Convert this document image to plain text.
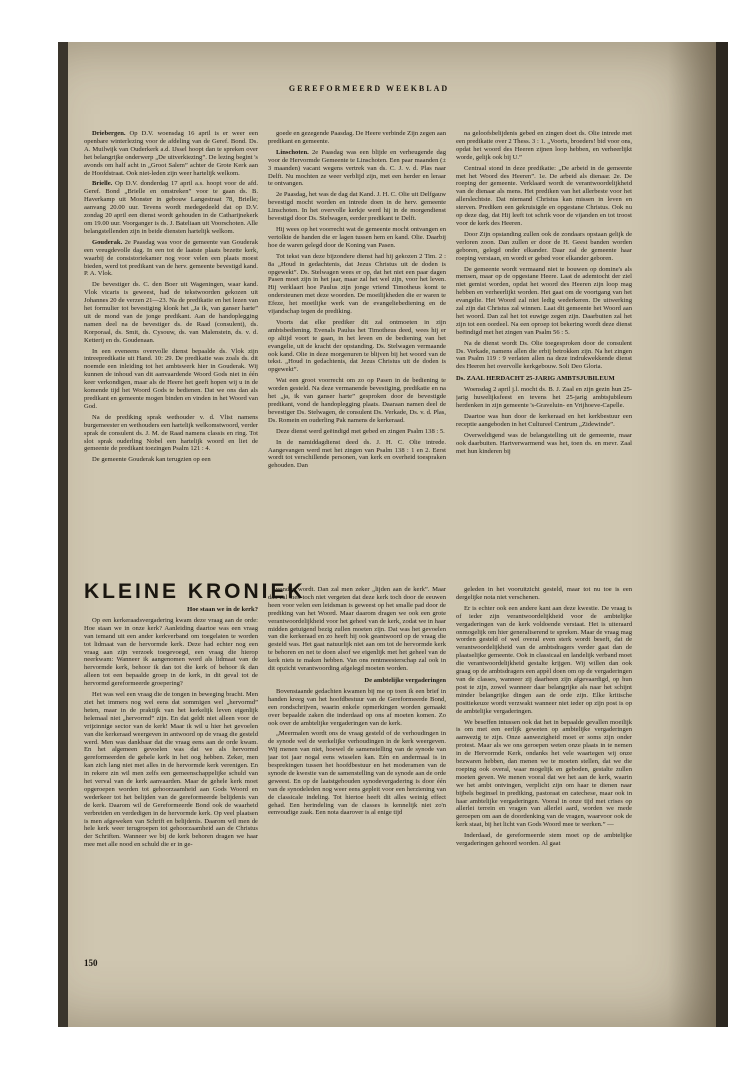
GEREFORMEERD WEEKBLAD

Driebergen. Op D.V. woensdag 16 april is er weer een openbare winterlezing voor de afdeling van de Geref. Bond. Ds. A. Muilwijk van Ouderkerk a.d. IJssel hoopt dan te spreken over het belangrijke onderwerp „De uitverkiezing”. De lezing begint 's avonds om half acht in „Groot Salem” achter de Grote Kerk aan de Hoofdstraat. Ook niet-leden zijn weer hartelijk welkom.

Brielle. Op D.V. donderdag 17 april a.s. hoopt voor de afd. Geref. Bond „Brielle en omstreken” voor te gaan ds. B. Haverkamp uit Monster in gebouw Langestraat 78, Brielle; aanvang 20.00 uur. Tevens wordt medegedeeld dat op D.V. zondag 20 april een dienst wordt gehouden in de Catharijnekerk om 19.00 uur. Voorganger is ds. J. Bateliaan uit Voorschoten. Alle belangstellenden zijn in beide diensten hartelijk welkom.

Gouderak. 2e Paasdag was voor de gemeente van Gouderak een vreugdevolle dag. In een tot de laatste plaats bezette kerk, waarbij de consistoriekamer nog voor velen een plaats moest bieden, werd tot predikant van de herv. gemeente bevestigd kand. P. A. Vlok.

De bevestiger ds. C. den Boer uit Wageningen, waar kand. Vlok vicaris is geweest, had de tekstwoorden gekozen uit Johannes 20 de verzen 21—23. Na de predikatie en het lezen van het formulier tot bevestiging klonk het „Ja ik, van ganser harte” uit de mond van de jonge predikant. Aan de handoplegging namen deel na de bevestiger ds. de Raad (consulent), ds. Korporaal, ds. Smit, ds. Cysouw, ds. van Malenstein, ds. v. d. Ketterij en ds. Goudenaan.

In een eveneens overvolle dienst bepaalde ds. Vlok zijn intreepredikatie uit Hand. 10: 29. De predikatie was zoals ds. dit noemde een inleiding tot het ambtswerk hier in Gouderak. Wij kunnen de inhoud van dit aanvaardende Woord Gods niet in één keer verkondigen, maar als de Heere het geeft hopen wij u in de komende tijd het Woord Gods te bedienen. Dat we ons dan als predikant en gemeente mogen binden en vinden in het Woord van God.

Na de prediking sprak wethouder v. d. Vlist namens burgemeester en wethouders een hartelijk welkomstwoord, verder sprak de consulent ds. J. M. de Raad namens classis en ring. Tot slot sprak ouderling Nobel een hartelijk woord en liet de gemeente de predikant toezingen Psalm 121 : 4.

De gemeente Gouderak kan terugzien op een

goede en gezegende Paasdag. De Heere verbinde Zijn zegen aan predikant en gemeente.

Linschoten. 2e Paasdag was een blijde en verheugende dag voor de Hervormde Gemeente te Linschoten. Een paar maanden (± 3 maanden) vacant wegens vertrek van ds. C. J. v. d. Plas naar Delft. Nu mochten ze weer verblijd zijn, met een herder en leraar te ontvangen.

2e Paasdag, het was de dag dat Kand. J. H. C. Olie uit Delfgauw bevestigd mocht worden en intrede doen in de herv. gemeente Linschoten. In het overvolle kerkje werd hij in de morgendienst bevestigd door Ds. Stelwagen, eerder predikant te Delft.

Hij wees op het voorrecht wat de gemeente mocht ontvangen en vertolkte de handen die er lagen tussen hem en kand. Olie. Daarbij hoe de waren gelegd door de Koning van Pasen.

Tot tekst van deze bijzondere dienst had hij gekozen 2 Tim. 2 : 8a „Houd in gedachtenis, dat Jezus Christus uit de doden is opgewekt”. Ds. Stelwagen wees er op, dat het niet een paar dagen Pasen moet zijn in het jaar, maar zal het wel zijn, voor het leven. Hij verklaart hoe Paulus zijn jonge vriend Timotheus komt te ondersteunen met deze woorden. De moeilijkheden die er waren te Efeze, het moeilijke werk van de evangeliebediening en de vijandschap tegen de prediking.

Voorts dat elke prediker dit zal ontmoeten in zijn ambtsbediening. Evenals Paulus het Timotheus deed, wees hij er op altijd voort te gaan, in het leven en de bediening van het evangelie, uit de kracht der opstanding. Ds. Stelwagen vermaande ook kand. Olie in deze morgenuren te blijven bij het woord van de tekst. „Houd in gedachtenis, dat Jezus Christus uit de doden is opgewekt”.

Wat een groot voorrecht om zo op Pasen in de bediening te worden gesteld. Na deze vermanende bevestiging, predikatie en na het „ja, ik van ganser harte” gesproken door de bevestigde predikant, vond de handoplegging plaats. Daaraan namen deel de bevestiger Ds. Stelwagen, de consulent Ds. Verkade, Ds. v. d. Plas, Ds. Romein en ouderling Pak namens de kerkeraad.

Deze dienst werd geëindigd met gebed en zingen Psalm 138 : 5.

In de namiddagdienst deed ds. J. H. C. Olie intrede. Aangevangen werd met het zingen van Psalm 138 : 1 en 2. Eerst wordt tot verschillende personen, van kerk en overheid toespraken gehouden. Dan

na geloofsbelijdenis gebed en zingen doet ds. Olie intrede met een predikatie over 2 Thess. 3 : 1. „Voorts, broeders! bid voor ons, opdat het woord des Heeren zijnen loop hebben, en verheerlijkt worde, gelijk ook bij U.”

Centraal stond in deze predikatie: „De arbeid in de gemeente met het Woord des Heeren”. 1e. De arbeid als dienaar. 2e. De roeping der gemeente. Verklaard wordt de verantwoordelijkheid van de dienaar als mens. Het prediken van het allerbeste voor het allerslechtste. Dat niemand Christus kan missen in leven en sterven. Prediken een gekruisigde en opgestane Christus. Ook nu op deze dag, dat Hij leeft tot schrik voor de vijanden en tot troost voor de kerk des Heeren.

Door Zijn opstanding zullen ook de zondaars opstaan gelijk de verloren zoon. Dan zullen er door de H. Geest banden worden geboren, gelegd onder elkander. Daar zal de gemeente haar roeping verstaan, en wordt er gebed voor elkander geboren.

De gemeente wordt vermaand niet te bouwen op domine's als mensen, maar op de opgestane Heere. Laat de ademtocht der ziel niet gemist worden, opdat het woord des Heeren zijn loop mag hebben en verheerlijkt worden. Het gaat om de voortgang van het evangelie. Het Woord zal niet ledig wederkeren. De uitwerking zal zijn dat Christus zal winnen. Laat dit gemeente het Woord aan het woord. Dan zal het tot euwige zegen zijn. Daarbuiten zal het zijn tot een oordeel. Na een oproep tot bekering wordt deze dienst beëindigd met het zingen van Psalm 56 : 5.

Na de dienst wordt Ds. Olie toegesproken door de consulent Ds. Verkade, namens allen die erbij betrokken zijn. Na het zingen van Psalm 119 : 9 verlaten allen na deze indrukwekkende dienst des Heeren het overvolle kerkgebouw. Soli Deo Gloria.

Ds. ZAAL HERDACHT 25-JARIG AMBTSJUBILEUM

Woensdag 2 april j.l. mocht ds. B. J. Zaal en zijn gezin hun 25-jarig huwelijksfeest en tevens het 25-jarig ambtsjubileum herdenken in zijn gemeente 's-Graveluin- en Vrijhoeve-Capelle.

Daartoe was hun door de kerkeraad en het kerkbestuur een receptie aangeboden in het Cultureel Centrum „Zidewinde”.

Overweldigend was de belangstelling uit de gemeente, maar ook daarbuiten. Hartverwarmend was het, toen ds. en mevr. Zaal met hun kinderen bij

KLEINE KRONIEK
Hoe staan we in de kerk?

Op een kerkeraadsvergadering kwam deze vraag aan de orde: Hoe staan we in onze kerk? Aanleiding daartoe was een vraag van iemand uit een ander kerkverband om toegelaten te worden tot lidmaat van de hervormde kerk. Deze had echter nog een vraag aan zijn verzoek toegevoegd, een vraag die hierop neerkwam: Wanneer ik aangenomen word als lidmaat van de hervormde kerk, behoor ik dan tot die kerk of behoor ik dan alleen tot een bepaalde groep in de kerk, in dit geval tot de hervormd gereformeerde groepering?

Het was wel een vraag die de tongen in beweging bracht. Men ziet het immers nog wel eens dat sommigen wel „hervormd” heten, maar in de praktijk van het kerkelijk leven eigenlijk helemaal niet „hervormd” zijn. En dat geldt niet alleen voor de vrijzinnige sector van de kerk! Maar ik wil u hier het gevoelen van die kerkeraad weergeven in antwoord op de vraag die gesteld werd. Men was dankbaar dat die vraag eens aan de orde kwam. En het algemeen gevoelen was dat we als hervormd gereformeerden de gehele kerk in het oog hebben. Zeker, men kan zich lang niet met alles in de hervormde kerk verenigen. En in rekere zin wil men zelfs een gemeenschappelijke schuld van het verval van de kerk aanvaarden. Maar de gehele kerk moet opgeroepen worden tot gehoorzaamheid aan Gods Woord en wederkeer tot het belijden van de gereformeerde belijdenis van de kerk. Daarom wil de Gereformeerde Bond ook de waarheid verbreiden en verdedigen in de hervormde kerk. Op veel plaatsen is men afgeweken van Schrift en belijdenis. Daarom wil men de hele kerk weer terugroepen tot gehoorzaamheid aan de Christus der Schriften. Wanneer we bij de kerk behoren dragen we haar mee met alle nood en schuld die er in ge-

vonden wordt. Dan zal men zeker „lijden aan de kerk”. Maar dan zal men toch niet vergeten dat deze kerk toch door de eeuwen heen voor velen een leidsman is geweest op het smalle pad door de prediking van het Woord. Maar daarom dragen we ook een grote verantwoordelijkheid voor het geheel van de kerk, zodat we in haar midden getuigend bezig zullen moeten zijn. Dat was het gevoelen van die kerkeraad en zo heeft hij ook geantwoord op de vraag die gesteld was. Het gaat natuurlijk niet aan om tot de hervormde kerk te behoren en net te doen alsof we eigenlijk met het geheel van de kerk niets te maken hebben. Van ons rentmeesterschap zal ook in dit opzicht verantwoording afgelegd moeten worden.

De ambtelijke vergaderingen

Bovenstaande gedachten kwamen bij me op toen ik een brief in handen kreeg van het hoofdbestuur van de Gereformeerde Bond, een rondschrijven, waarin enkele opmerkingen worden gemaakt over bepaalde zaken die inderdaad op ons af moeten komen. Zo ook over de ambtelijke vergaderingen van de kerk.

„Meermalen wordt ons de vraag gesteld of de verhoudingen in de synode wel de werkelijke verhoudingen in de kerk weergeven. Wij menen van niet, hoewel de samenstelling van de synode van jaar tot jaar nogal eens wisselen kan. Eén en andermaal is in besprekingen tussen het hoofdbestuur en het moderamen van de synode de kwestie van de samenstelling van de synode aan de orde geweest. En op de laatstgehouden synodevergadering is door één van de synodeleden nog weer eens gepleit voor een herziening van de classicale indeling. Tot hiertoe heeft dit alles weinig effect gehad. Een herindeling van de classes is kennelijk niet zo'n eenvoudige zaak. Een nota daarover is al enige tijd

geleden in het vooruitzicht gesteld, maar tot nu toe is een dergelijke nota niet verschenen.

Er is echter ook een andere kant aan deze kwestie. De vraag is of ieder zijn verantwoordelijkheid voor de ambtelijke vergaderingen van de kerk voldoende verstaat. Het is uiteraard onmogelijk om hier generaliserend te spreken. Maar de vraag mag worden gesteld of wel overal even sterk wordt beseft, dat de verantwoordelijkheid van de ambtsdragers verder gaat dan de plaatselijke gemeente. Ook in classicaal en landelijk verband moet die verantwoordelijkheid gestalte krijgen. Wij willen dan ook graag op de ambtsdragers een appèl doen om op de vergaderingen van de classes, wanneer zij daarheen zijn afgevaardigd, op hun post te zijn, zowel wanneer daar belangrijke als naar het schijnt minder belangrijke dingen aan de orde zijn. Elke kritische positiekeuze wordt verzwakt wanneer niet ieder op zijn post is op de ambtelijke vergaderingen.

We beseffen intussen ook dat het in bepaalde gevallen moeilijk is om met een eerlijk geweten op ambtelijke vergaderingen aanwezig te zijn. Onze aanwezigheid moet er soms zijn onder protest. Maar als we ons geroepen weten onze plaats in te nemen in de Hervormde Kerk, ondanks het vele waartegen wij onze bezwaren hebben, dan menen we te moeten stellen, dat we die roeping ook overal, waar mogelijk en geboden, gestalte zullen moeten geven. We menen vooral dat we het aan de kerk, waarin we het ambt ontvingen, verplicht zijn om haar te dienen naar bijbels beginsel in prediking, pastoraat en catechese, maar ook in haar ambtelijke vergaderingen. Vooral in onze tijd met crises op allerlei terrein en vragen van allerlei aard, worden we mede geroepen om aan de doordenking van de vragen, waarvoor ook de kerk staat, bij het licht van Gods Woord mee te werken.” —

Inderdaad, de gereformeerde stem moet op de ambtelijke vergaderingen gehoord worden. Al gaat

150
